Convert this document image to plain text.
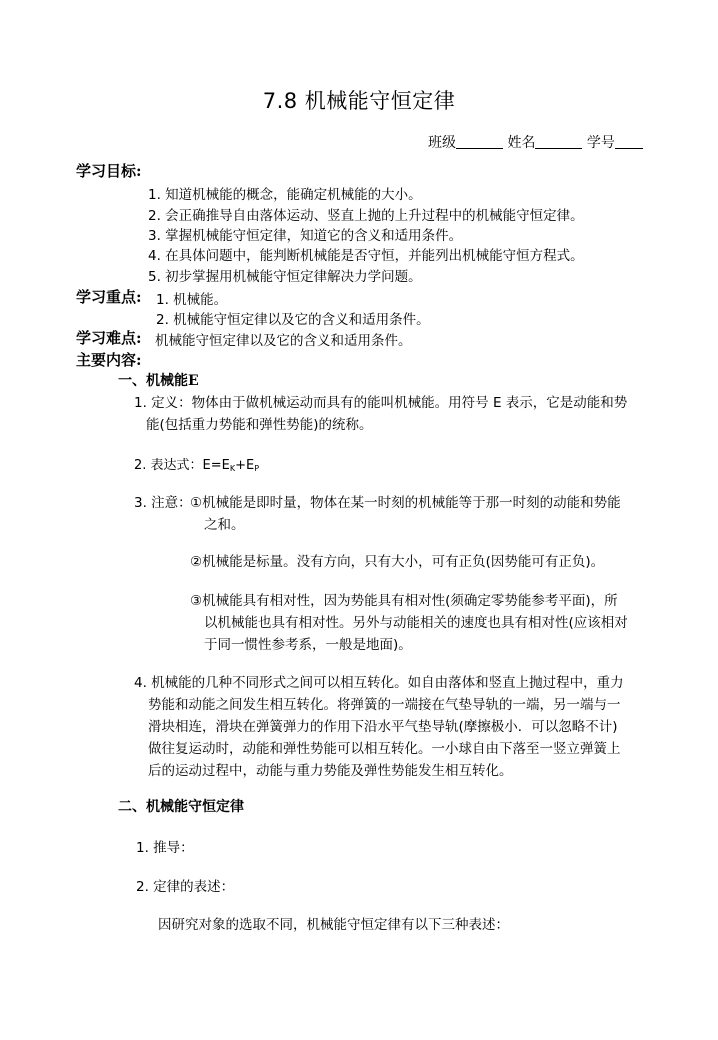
7.8 机械能守恒定律
班级	姓名	学号
学习目标:
1. 知道机械能的概念，能确定机械能的大小。
2. 会正确推导自由落体运动、竖直上抛的上升过程中的机械能守恒定律。
3. 掌握机械能守恒定律，知道它的含义和适用条件。
4. 在具体问题中，能判断机械能是否守恒，并能列出机械能守恒方程式。
5. 初步掌握用机械能守恒定律解决力学问题。
学习重点: 1. 机械能。
2. 机械能守恒定律以及它的含义和适用条件。
学习难点: 机械能守恒定律以及它的含义和适用条件。
主要内容:
一、机械能E
1. 定义：物体由于做机械运动而具有的能叫机械能。用符号 E 表示，它是动能和势
能(包括重力势能和弹性势能)的统称。
2. 表达式：$E=E_K+E_P$
3. 注意：
①机械能是即时量，物体在某一时刻的机械能等于那一时刻的动能和势能
之和。
②机械能是标量。没有方向，只有大小，可有正负(因势能可有正负)。
③机械能具有相对性，因为势能具有相对性(须确定零势能参考平面)，所
以机械能也具有相对性。另外与动能相关的速度也具有相对性(应该相对
于同一惯性参考系，一般是地面)。
4. 机械能的几种不同形式之间可以相互转化。如自由落体和竖直上抛过程中，重力
势能和动能之间发生相互转化。将弹簧的一端接在气垫导轨的一端，另一端与一
滑块相连，滑块在弹簧弹力的作用下沿水平气垫导轨(摩擦极小．可以忽略不计)
做往复运动时，动能和弹性势能可以相互转化。一小球自由下落至一竖立弹簧上
后的运动过程中，动能与重力势能及弹性势能发生相互转化。
二、机械能守恒定律
1. 推导：
2. 定律的表述：
因研究对象的选取不同，机械能守恒定律有以下三种表述：
